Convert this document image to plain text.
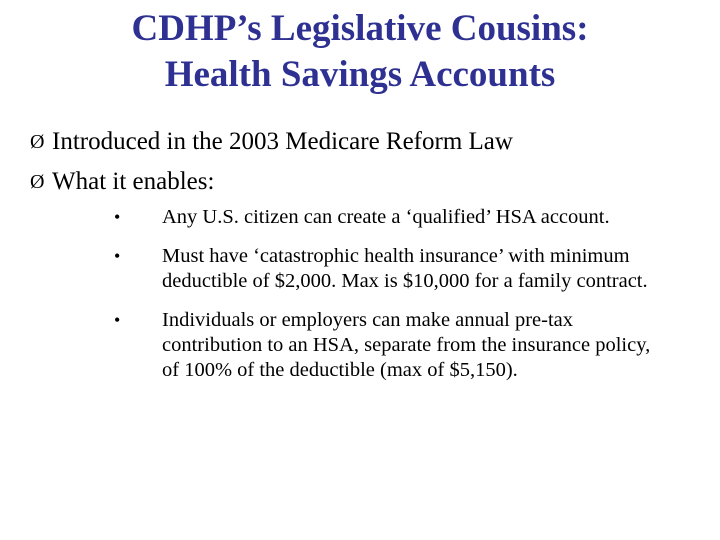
CDHP’s Legislative Cousins:
Health Savings Accounts
Ø Introduced in the 2003 Medicare Reform Law
Ø What it enables:
• Any U.S. citizen can create a ‘qualified’ HSA account.
• Must have ‘catastrophic health insurance’ with minimum deductible of $2,000. Max is $10,000 for a family contract.
• Individuals or employers can make annual pre-tax contribution to an HSA, separate from the insurance policy, of 100% of the deductible (max of $5,150).
